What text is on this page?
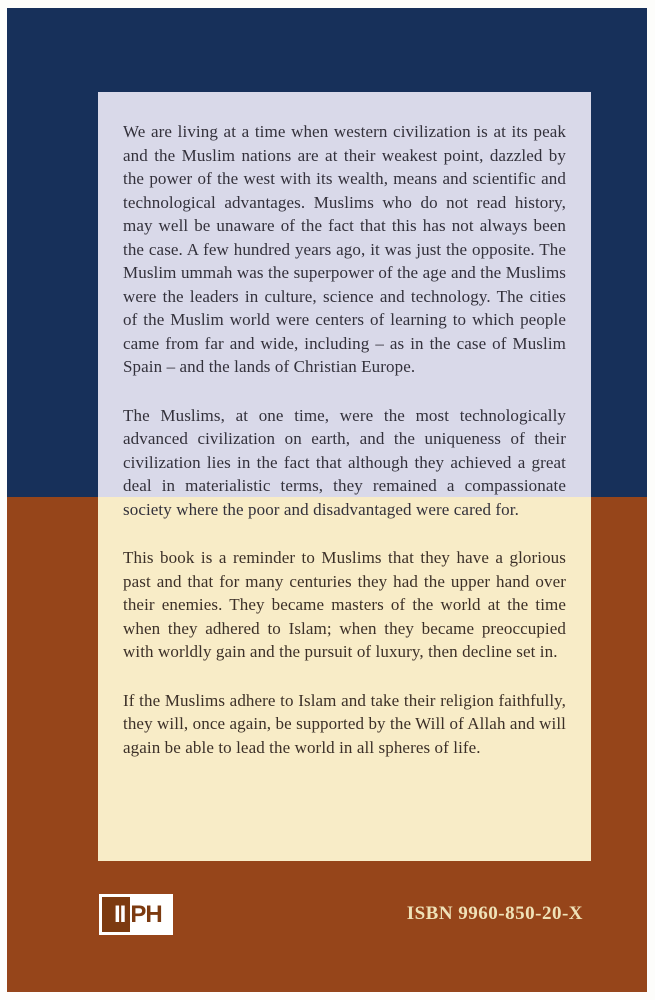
We are living at a time when western civilization is at its peak and the Muslim nations are at their weakest point, dazzled by the power of the west with its wealth, means and scientific and technological advantages. Muslims who do not read history, may well be unaware of the fact that this has not always been the case. A few hundred years ago, it was just the opposite. The Muslim ummah was the superpower of the age and the Muslims were the leaders in culture, science and technology. The cities of the Muslim world were centers of learning to which people came from far and wide, including – as in the case of Muslim Spain – and the lands of Christian Europe.

The Muslims, at one time, were the most technologically advanced civilization on earth, and the uniqueness of their civilization lies in the fact that although they achieved a great deal in materialistic terms, they remained a compassionate society where the poor and disadvantaged were cared for.

This book is a reminder to Muslims that they have a glorious past and that for many centuries they had the upper hand over their enemies. They became masters of the world at the time when they adhered to Islam; when they became preoccupied with worldly gain and the pursuit of luxury, then decline set in.

If the Muslims adhere to Islam and take their religion faithfully, they will, once again, be supported by the Will of Allah and will again be able to lead the world in all spheres of life.

II PH	ISBN 9960-850-20-X
